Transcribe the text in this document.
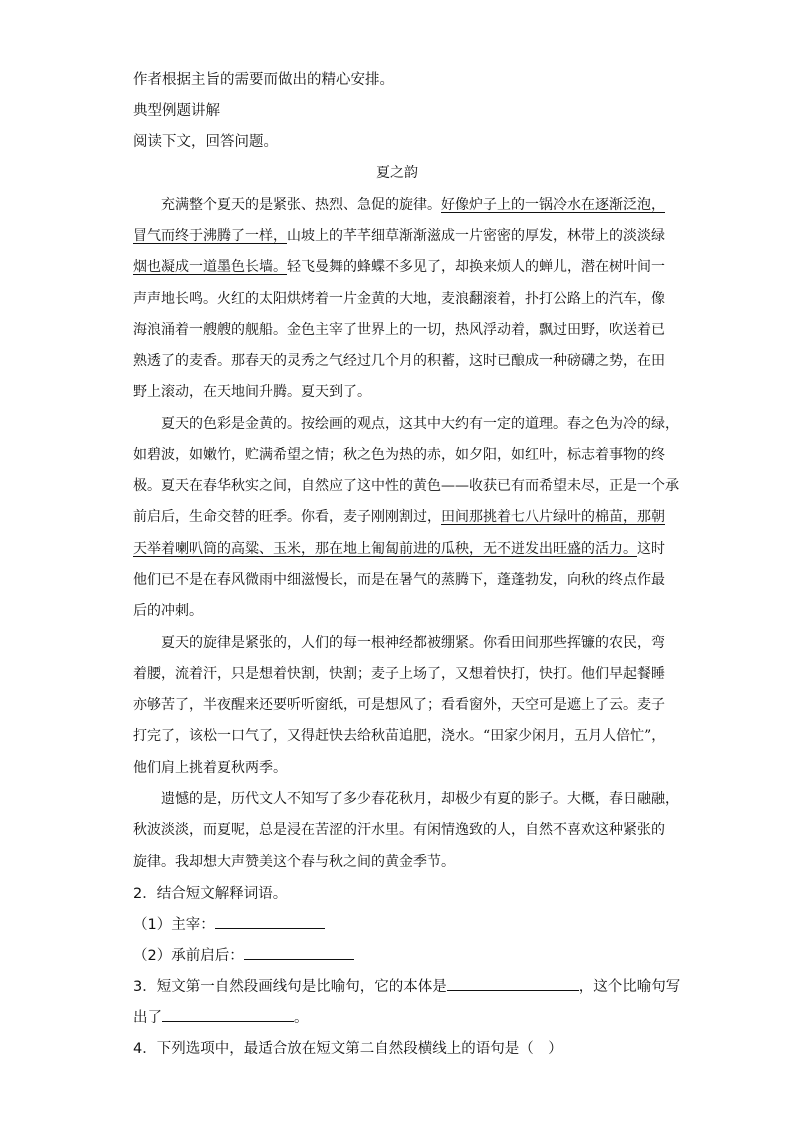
作者根据主旨的需要而做出的精心安排。
典型例题讲解
阅读下文，回答问题。
夏之韵
充满整个夏天的是紧张、热烈、急促的旋律。好像炉子上的一锅冷水在逐渐泛泡，
冒气而终于沸腾了一样，山坡上的芊芊细草渐渐滋成一片密密的厚发，林带上的淡淡绿
烟也凝成一道墨色长墙。轻飞曼舞的蜂蝶不多见了，却换来烦人的蝉儿，潜在树叶间一
声声地长鸣。火红的太阳烘烤着一片金黄的大地，麦浪翻滚着，扑打公路上的汽车，像
海浪涌着一艘艘的舰船。金色主宰了世界上的一切，热风浮动着，飘过田野，吹送着已
熟透了的麦香。那春天的灵秀之气经过几个月的积蓄，这时已酿成一种磅礴之势，在田
野上滚动，在天地间升腾。夏天到了。
夏天的色彩是金黄的。按绘画的观点，这其中大约有一定的道理。春之色为冷的绿，
如碧波，如嫩竹，贮满希望之情；秋之色为热的赤，如夕阳，如红叶，标志着事物的终
极。夏天在春华秋实之间，自然应了这中性的黄色——收获已有而希望未尽，正是一个承
前启后，生命交替的旺季。你看，麦子刚刚割过，田间那挑着七八片绿叶的棉苗，那朝
天举着喇叭筒的高粱、玉米，那在地上匍匐前进的瓜秧，无不迸发出旺盛的活力。这时
他们已不是在春风微雨中细滋慢长，而是在暑气的蒸腾下，蓬蓬勃发，向秋的终点作最
后的冲刺。
夏天的旋律是紧张的，人们的每一根神经都被绷紧。你看田间那些挥镰的农民，弯
着腰，流着汗，只是想着快割，快割；麦子上场了，又想着快打，快打。他们早起餐睡
亦够苦了，半夜醒来还要听听窗纸，可是想风了；看看窗外，天空可是遮上了云。麦子
打完了，该松一口气了，又得赶快去给秋苗追肥，浇水。“田家少闲月，五月人倍忙”，
他们肩上挑着夏秋两季。
遗憾的是，历代文人不知写了多少春花秋月，却极少有夏的影子。大概，春日融融，
秋波淡淡，而夏呢，总是浸在苦涩的汗水里。有闲情逸致的人，自然不喜欢这种紧张的
旋律。我却想大声赞美这个春与秋之间的黄金季节。
2．结合短文解释词语。
（1）主宰：
（2）承前启后：
3．短文第一自然段画线句是比喻句，它的本体是	，这个比喻句写
出了	。
4．下列选项中，最适合放在短文第二自然段横线上的语句是（　）
